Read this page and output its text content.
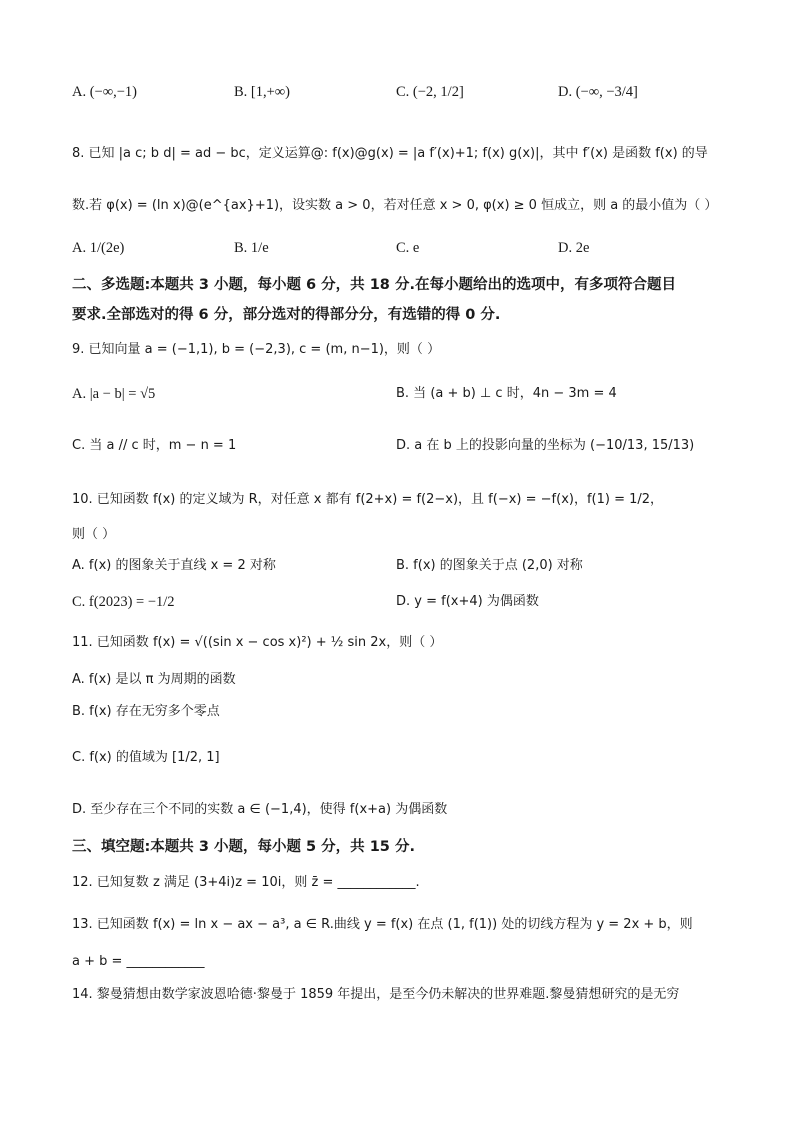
A. (−∞,−1)	B. [1,+∞)	C. (−2, 1/2]	D. (−∞, −3/4]
8. 已知 |a c; b d| = ad − bc，定义运算@: f(x)@g(x) = |a f′(x)+1; f(x) g(x)|，其中 f′(x) 是函数 f(x) 的导
数.若 φ(x) = (ln x)@(e^{ax}+1)，设实数 a > 0，若对任意 x > 0, φ(x) ≥ 0 恒成立，则 a 的最小值为（ ）
A. 1/(2e)	B. 1/e	C. e	D. 2e
二、多选题:本题共 3 小题，每小题 6 分，共 18 分.在每小题给出的选项中，有多项符合题目
要求.全部选对的得 6 分，部分选对的得部分分，有选错的得 0 分.
9. 已知向量 a = (−1,1), b = (−2,3), c = (m, n−1)，则（ ）
A. |a − b| = √5	B. 当 (a + b) ⊥ c 时，4n − 3m = 4
C. 当 a // c 时，m − n = 1	D. a 在 b 上的投影向量的坐标为 (−10/13, 15/13)
10. 已知函数 f(x) 的定义域为 R，对任意 x 都有 f(2+x) = f(2−x)，且 f(−x) = −f(x)，f(1) = 1/2，
则（ ）
A. f(x) 的图象关于直线 x = 2 对称	B. f(x) 的图象关于点 (2,0) 对称
C. f(2023) = −1/2	D. y = f(x+4) 为偶函数
11. 已知函数 f(x) = √((sin x − cos x)²) + ½ sin 2x，则（ ）
A. f(x) 是以 π 为周期的函数
B. f(x) 存在无穷多个零点
C. f(x) 的值域为 [1/2, 1]
D. 至少存在三个不同的实数 a ∈ (−1,4)，使得 f(x+a) 为偶函数
三、填空题:本题共 3 小题，每小题 5 分，共 15 分.
12. 已知复数 z 满足 (3+4i)z = 10i，则 z̄ = ____________.
13. 已知函数 f(x) = ln x − ax − a³, a ∈ R.曲线 y = f(x) 在点 (1, f(1)) 处的切线方程为 y = 2x + b，则
a + b = ____________
14. 黎曼猜想由数学家波恩哈德·黎曼于 1859 年提出，是至今仍未解决的世界难题.黎曼猜想研究的是无穷
